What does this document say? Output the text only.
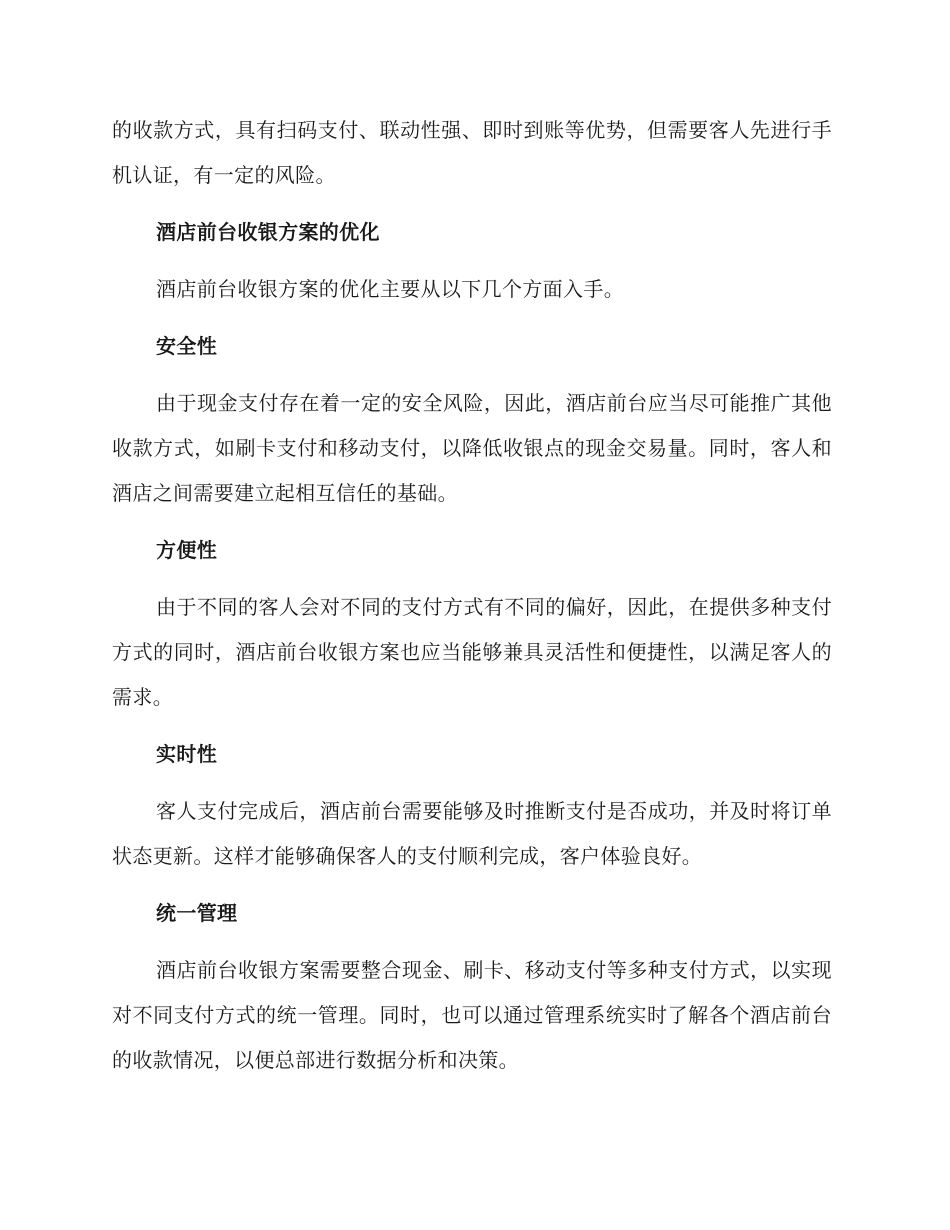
的收款方式，具有扫码支付、联动性强、即时到账等优势，但需要客人先进行手机认证，有一定的风险。

酒店前台收银方案的优化

酒店前台收银方案的优化主要从以下几个方面入手。

安全性

由于现金支付存在着一定的安全风险，因此，酒店前台应当尽可能推广其他收款方式，如刷卡支付和移动支付，以降低收银点的现金交易量。同时，客人和酒店之间需要建立起相互信任的基础。

方便性

由于不同的客人会对不同的支付方式有不同的偏好，因此，在提供多种支付方式的同时，酒店前台收银方案也应当能够兼具灵活性和便捷性，以满足客人的需求。

实时性

客人支付完成后，酒店前台需要能够及时推断支付是否成功，并及时将订单状态更新。这样才能够确保客人的支付顺利完成，客户体验良好。

统一管理

酒店前台收银方案需要整合现金、刷卡、移动支付等多种支付方式，以实现对不同支付方式的统一管理。同时，也可以通过管理系统实时了解各个酒店前台的收款情况，以便总部进行数据分析和决策。
